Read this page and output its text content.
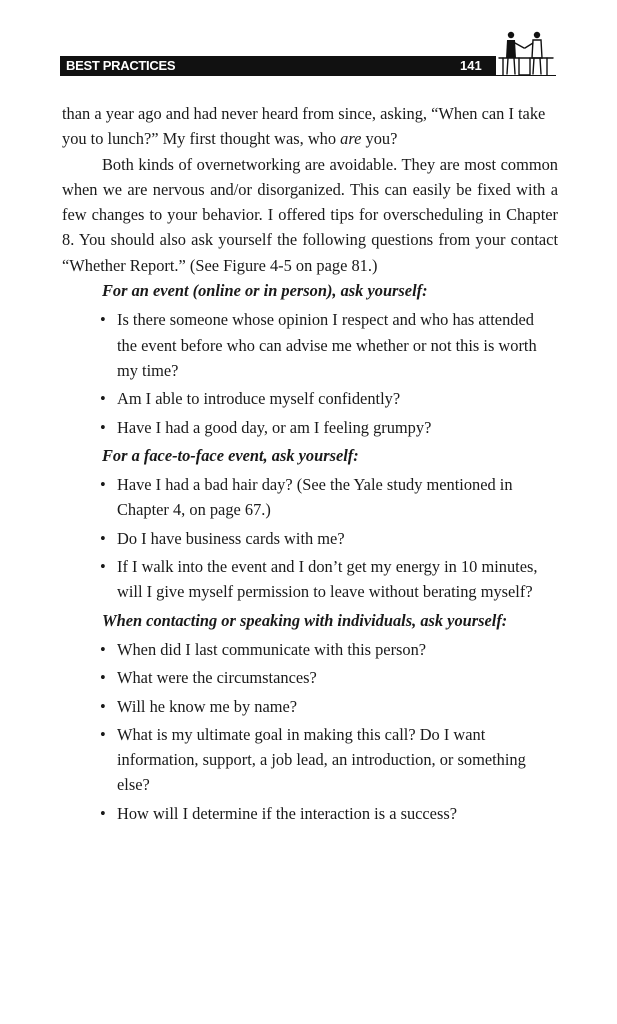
BEST PRACTICES	141

than a year ago and had never heard from since, asking, “When can I take you to lunch?” My first thought was, who are you?

Both kinds of overnetworking are avoidable. They are most common when we are nervous and/or disorganized. This can easily be fixed with a few changes to your behavior. I offered tips for overscheduling in Chapter 8. You should also ask yourself the following questions from your contact “Whether Report.” (See Figure 4-5 on page 81.)

For an event (online or in person), ask yourself:

• Is there someone whose opinion I respect and who has attended the event before who can advise me whether or not this is worth my time?
• Am I able to introduce myself confidently?
• Have I had a good day, or am I feeling grumpy?

For a face-to-face event, ask yourself:

• Have I had a bad hair day? (See the Yale study mentioned in Chapter 4, on page 67.)
• Do I have business cards with me?
• If I walk into the event and I don’t get my energy in 10 minutes, will I give myself permission to leave without berating myself?

When contacting or speaking with individuals, ask yourself:

• When did I last communicate with this person?
• What were the circumstances?
• Will he know me by name?
• What is my ultimate goal in making this call? Do I want information, support, a job lead, an introduction, or something else?
• How will I determine if the interaction is a success?
